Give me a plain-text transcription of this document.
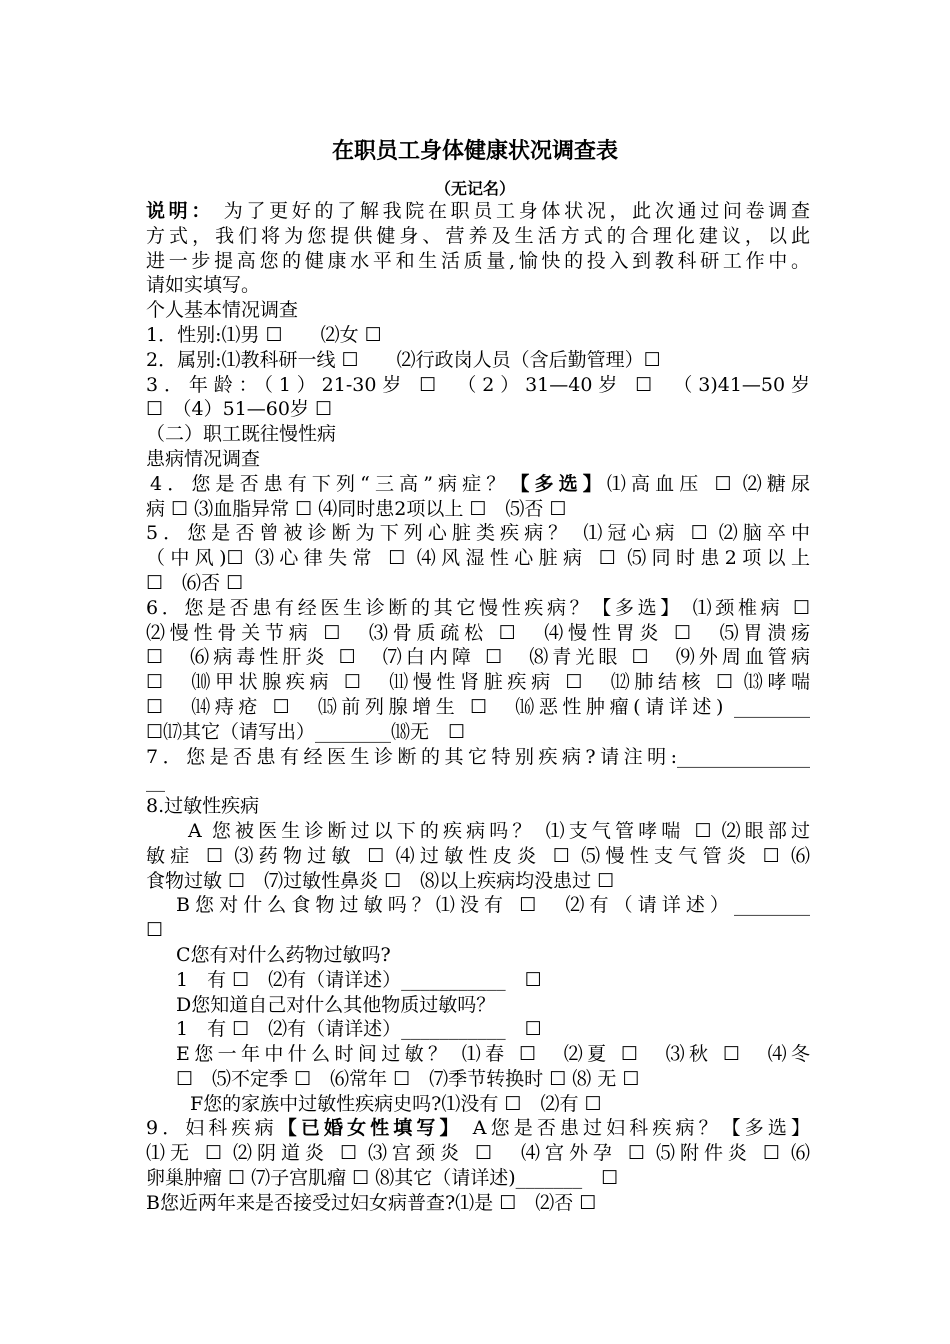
在职员工身体健康状况调查表
（无记名）
说明： 为了更好的了解我院在职员工身体状况，此次通过问卷调查
方式，我们将为您提供健身、营养及生活方式的合理化建议，以此
进一步提高您的健康水平和生活质量,愉快的投入到教科研工作中。
请如实填写。
个人基本情况调查
1．性别:⑴男 ☐　　⑵女 ☐
2．属别:⑴教科研一线 ☐　　⑵行政岗人员（含后勤管理）☐
3．年龄：（1）21-30岁 ☐　（2）31—40岁 ☐　（3)41—50岁
☐　（4）51—60岁 ☐
（二）职工既往慢性病
患病情况调查
4．您是否患有下列“三高”病症？【多选】⑴高血压 ☐ ⑵糖尿
病 ☐ ⑶血脂异常 ☐ ⑷同时患2项以上 ☐　⑸否 ☐
5．您是否曾被诊断为下列心脏类疾病？ ⑴冠心病 ☐ ⑵脑卒中
（中风)☐ ⑶心律失常 ☐ ⑷风湿性心脏病 ☐ ⑸同时患2项以上
☐　⑹否 ☐
6．您是否患有经医生诊断的其它慢性疾病？【多选】 ⑴颈椎病 ☐
⑵慢性骨关节病 ☐　⑶骨质疏松 ☐　⑷慢性胃炎 ☐　⑸胃溃疡
☐　⑹病毒性肝炎 ☐　⑺白内障 ☐　⑻青光眼 ☐　⑼外周血管病
☐　⑽甲状腺疾病 ☐　⑾慢性肾脏疾病 ☐　⑿肺结核 ☐ ⒀哮喘
☐　⒁痔疮 ☐　⒂前列腺增生 ☐　⒃恶性肿瘤(请详述) ________
☐⒄其它（请写出）________⒅无　☐
7．您是否患有经医生诊断的其它特别疾病?请注明:______________
__
8.过敏性疾病
A 您被医生诊断过以下的疾病吗？ ⑴支气管哮喘 ☐ ⑵眼部过
敏症 ☐ ⑶药物过敏 ☐ ⑷过敏性皮炎 ☐ ⑸慢性支气管炎 ☐ ⑹
食物过敏 ☐　⑺过敏性鼻炎 ☐　⑻以上疾病均没患过 ☐
B您对什么食物过敏吗？⑴没有 ☐　⑵有（请详述）________
☐
C您有对什么药物过敏吗?
1　有 ☐　⑵有（请详述）___________　☐
D您知道自己对什么其他物质过敏吗？
1　有 ☐　⑵有（请详述）___________　☐
E您一年中什么时间过敏？ ⑴春 ☐　⑵夏 ☐　⑶秋 ☐　⑷冬
☐　⑸不定季 ☐　⑹常年 ☐　⑺季节转换时 ☐ ⑻ 无 ☐
F您的家族中过敏性疾病史吗?⑴没有 ☐　⑵有 ☐
9．妇科疾病【已婚女性填写】 A您是否患过妇科疾病？【多选】
⑴无 ☐ ⑵阴道炎 ☐ ⑶宫颈炎 ☐　⑷宫外孕 ☐ ⑸附件炎 ☐ ⑹
卵巢肿瘤 ☐ ⑺子宫肌瘤 ☐ ⑻其它（请详述)_______　☐
B您近两年来是否接受过妇女病普查?⑴是 ☐　⑵否 ☐
